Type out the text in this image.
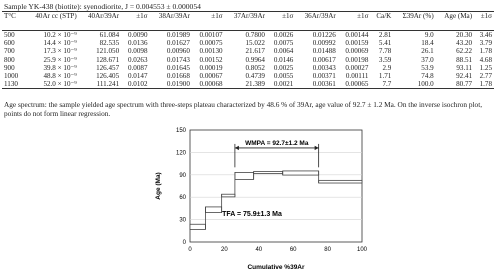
Sample YK-438 (biotite): syenodiorite, J = 0.004553 ± 0.000054
T°C	40Ar cc (STP)	40Ar/39Ar	±1σ	38Ar/39Ar	±1σ	37Ar/39Ar	±1σ	36Ar/39Ar	±1σ	Ca/K	Σ39Ar (%)	Age (Ma)	±1σ
500	10.2 × 10⁻⁹	61.084	0.0090	0.01989	0.00107	0.7800	0.0026	0.01226	0.00144	2.81	9.0	20.30	3.46
600	14.4 × 10⁻⁹	82.535	0.0136	0.01627	0.00075	15.022	0.0075	0.00992	0.00159	5.41	18.4	43.20	3.79
700	17.3 × 10⁻⁹	121.050	0.0098	0.00960	0.00130	21.617	0.0064	0.01488	0.00069	7.78	26.1	62.22	1.78
800	25.9 × 10⁻⁹	128.671	0.0263	0.01743	0.00152	0.9964	0.0146	0.00617	0.00198	3.59	37.0	88.51	4.68
900	39.8 × 10⁻⁹	126.457	0.0087	0.01645	0.00019	0.8052	0.0025	0.00343	0.00027	2.9	53.9	93.11	1.25
1000	48.8 × 10⁻⁹	126.405	0.0147	0.01668	0.00067	0.4739	0.0055	0.00371	0.00111	1.71	74.8	92.41	2.77
1130	52.0 × 10⁻⁹	111.241	0.0102	0.01900	0.00068	21.389	0.0021	0.00361	0.00065	7.7	100.0	80.77	1.78
Age spectrum: the sample yielded age spectrum with three-steps plateau characterized by 48.6 % of 39Ar, age value of 92.7 ± 1.2 Ma. On the inverse isochron plot, points do not form linear regression.
0
30
60
90
120
150
0	20	40	60	80	100
WMPA = 92.7±1.2 Ma
Age (Ma)
Cumulative %39Ar
TFA = 75.9±1.3 Ma
